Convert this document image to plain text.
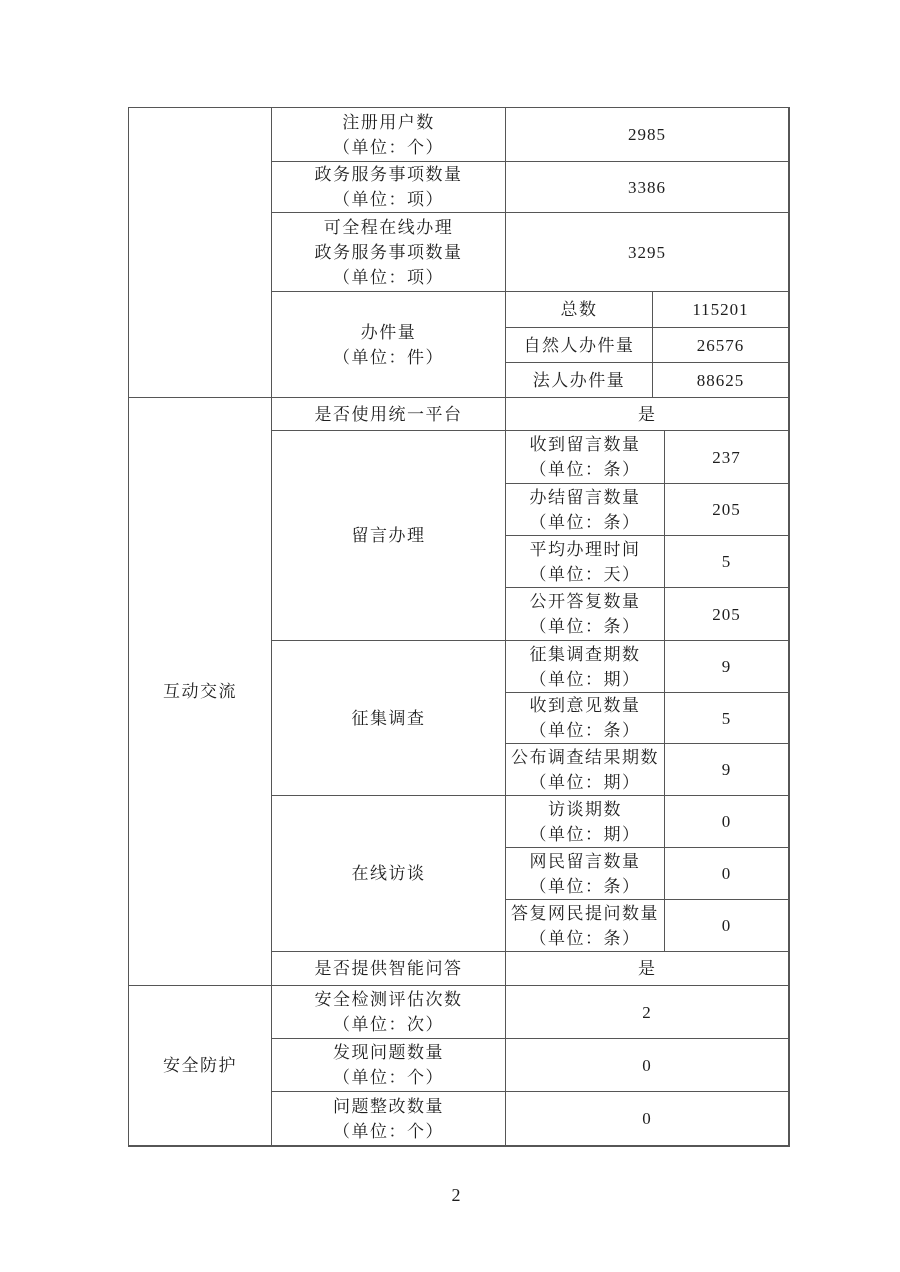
	注册用户数
（单位：个）	2985	

	政务服务事项数量
（单位：项）	3386	

	可全程在线办理
政务服务事项数量
（单位：项）	3295	

	办件量
（单位：件）	总数	115201
		自然人办件量	26576
		法人办件量	88625
互动交流	是否使用统一平台	是	
	留言办理	收到留言数量
（单位：条）	237

		办结留言数量
（单位：条）	205

		平均办理时间
（单位：天）	5

		公开答复数量
（单位：条）	205
	征集调查	征集调查期数
（单位：期）	9

		收到意见数量
（单位：条）	5

		公布调查结果期数
（单位：期）	9
	在线访谈	访谈期数
（单位：期）	0

		网民留言数量
（单位：条）	0

		答复网民提问数量
（单位：条）	0
	是否提供智能问答	是	
安全防护	安全检测评估次数
（单位：次）	2

	发现问题数量
（单位：个）	0

	问题整改数量
（单位：个）	0
2
